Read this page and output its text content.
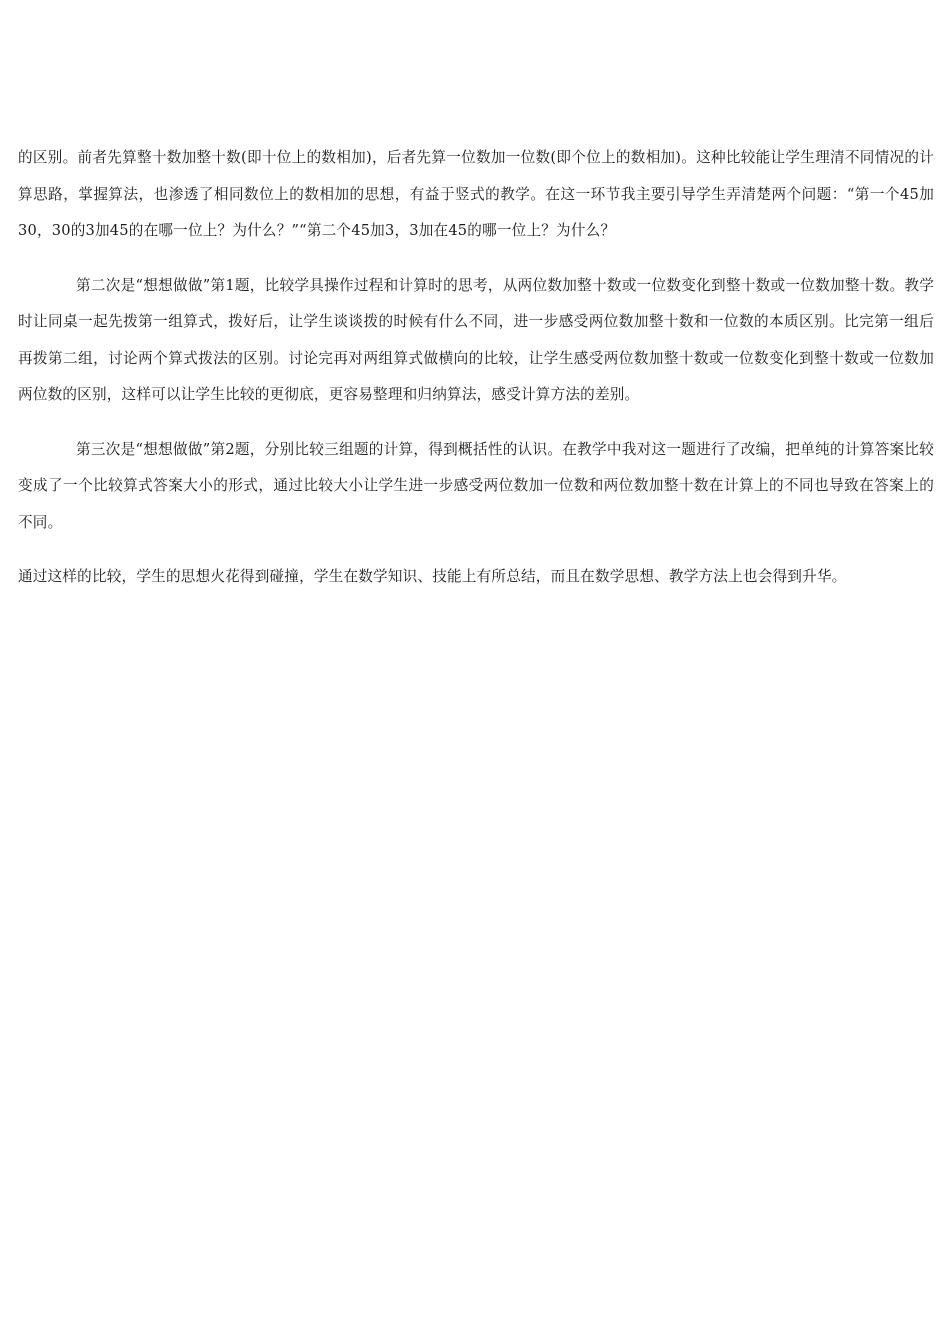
的区别。前者先算整十数加整十数(即十位上的数相加)，后者先算一位数加一位数(即个位上的数相加)。这种比较能让学生理清不同情况的计算思路，掌握算法，也渗透了相同数位上的数相加的思想，有益于竖式的教学。在这一环节我主要引导学生弄清楚两个问题：“第一个45加30，30的3加45的在哪一位上？为什么？”“第二个45加3，3加在45的哪一位上？为什么？

第二次是“想想做做”第1题，比较学具操作过程和计算时的思考，从两位数加整十数或一位数变化到整十数或一位数加整十数。教学时让同桌一起先拨第一组算式，拨好后，让学生谈谈拨的时候有什么不同，进一步感受两位数加整十数和一位数的本质区别。比完第一组后再拨第二组，讨论两个算式拨法的区别。讨论完再对两组算式做横向的比较，让学生感受两位数加整十数或一位数变化到整十数或一位数加两位数的区别，这样可以让学生比较的更彻底，更容易整理和归纳算法，感受计算方法的差别。

第三次是“想想做做”第2题，分别比较三组题的计算，得到概括性的认识。在教学中我对这一题进行了改编，把单纯的计算答案比较变成了一个比较算式答案大小的形式，通过比较大小让学生进一步感受两位数加一位数和两位数加整十数在计算上的不同也导致在答案上的不同。

通过这样的比较，学生的思想火花得到碰撞，学生在数学知识、技能上有所总结，而且在数学思想、教学方法上也会得到升华。
